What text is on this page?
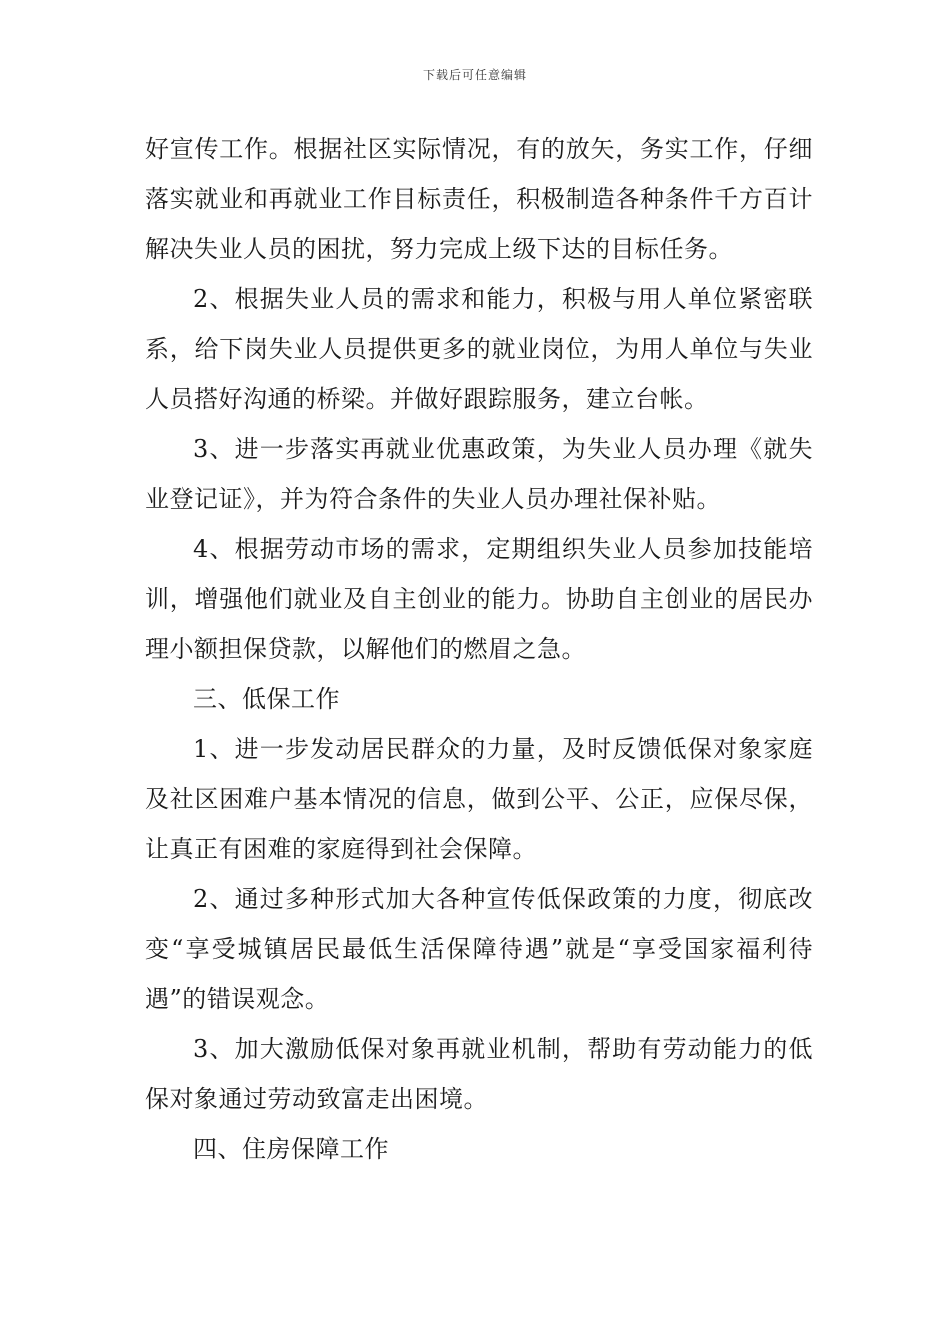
下载后可任意编辑

好宣传工作。根据社区实际情况，有的放矢，务实工作，仔细落实就业和再就业工作目标责任，积极制造各种条件千方百计解决失业人员的困扰，努力完成上级下达的目标任务。

2、根据失业人员的需求和能力，积极与用人单位紧密联系，给下岗失业人员提供更多的就业岗位，为用人单位与失业人员搭好沟通的桥梁。并做好跟踪服务，建立台帐。

3、进一步落实再就业优惠政策，为失业人员办理《就失业登记证》，并为符合条件的失业人员办理社保补贴。

4、根据劳动市场的需求，定期组织失业人员参加技能培训，增强他们就业及自主创业的能力。协助自主创业的居民办理小额担保贷款，以解他们的燃眉之急。

三、低保工作

1、进一步发动居民群众的力量，及时反馈低保对象家庭及社区困难户基本情况的信息，做到公平、公正，应保尽保，让真正有困难的家庭得到社会保障。

2、通过多种形式加大各种宣传低保政策的力度，彻底改变“享受城镇居民最低生活保障待遇”就是“享受国家福利待遇”的错误观念。

3、加大激励低保对象再就业机制，帮助有劳动能力的低保对象通过劳动致富走出困境。

四、住房保障工作
